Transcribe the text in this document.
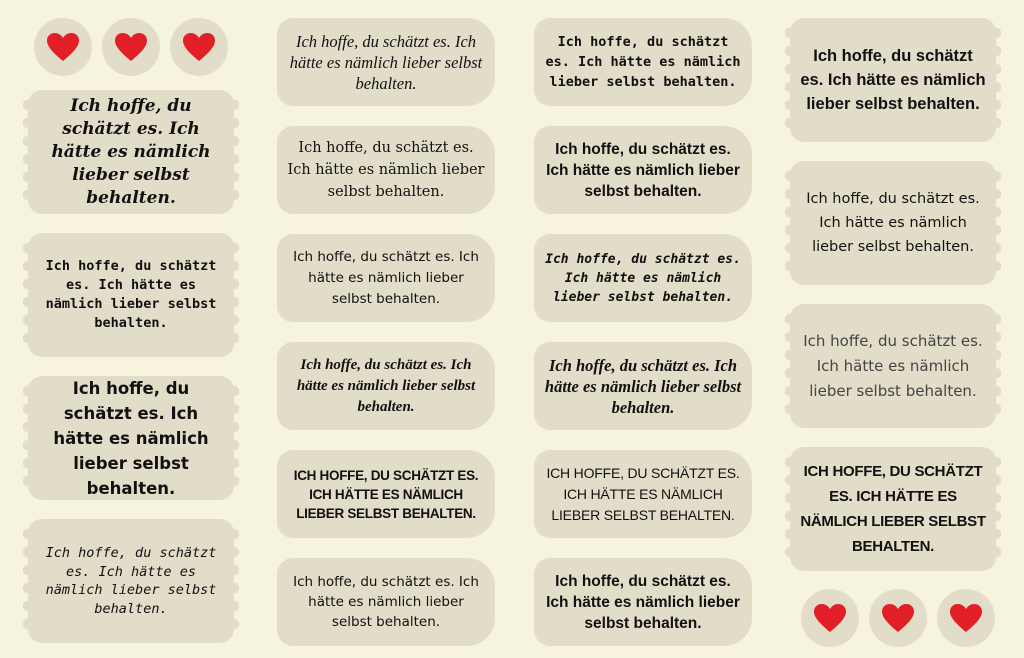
Ich hoffe, du schätzt es. Ich hätte es nämlich lieber selbst behalten.
Ich hoffe, du schätzt es. Ich hätte es nämlich lieber selbst behalten.
Ich hoffe, du schätzt es. Ich hätte es nämlich lieber selbst behalten.
Ich hoffe, du schätzt es. Ich hätte es nämlich lieber selbst behalten.
Ich hoffe, du schätzt es. Ich hätte es nämlich lieber selbst behalten.
Ich hoffe, du schätzt es. Ich hätte es nämlich lieber selbst behalten.
Ich hoffe, du schätzt es. Ich hätte es nämlich lieber selbst behalten.
Ich hoffe, du schätzt es. Ich hätte es nämlich lieber selbst behalten.
ICH HOFFE, DU SCHÄTZT ES. ICH HÄTTE ES NÄMLICH LIEBER SELBST BEHALTEN.
Ich hoffe, du schätzt es. Ich hätte es nämlich lieber selbst behalten.
Ich hoffe, du schätzt es. Ich hätte es nämlich lieber selbst behalten.
Ich hoffe, du schätzt es. Ich hätte es nämlich lieber selbst behalten.
Ich hoffe, du schätzt es. Ich hätte es nämlich lieber selbst behalten.
Ich hoffe, du schätzt es. Ich hätte es nämlich lieber selbst behalten.
ICH HOFFE, DU SCHÄTZT ES. ICH HÄTTE ES NÄMLICH LIEBER SELBST BEHALTEN.
Ich hoffe, du schätzt es. Ich hätte es nämlich lieber selbst behalten.
Ich hoffe, du schätzt es. Ich hätte es nämlich lieber selbst behalten.
Ich hoffe, du schätzt es. Ich hätte es nämlich lieber selbst behalten.
Ich hoffe, du schätzt es. Ich hätte es nämlich lieber selbst behalten.
ICH HOFFE, DU SCHÄTZT ES. ICH HÄTTE ES NÄMLICH LIEBER SELBST BEHALTEN.
